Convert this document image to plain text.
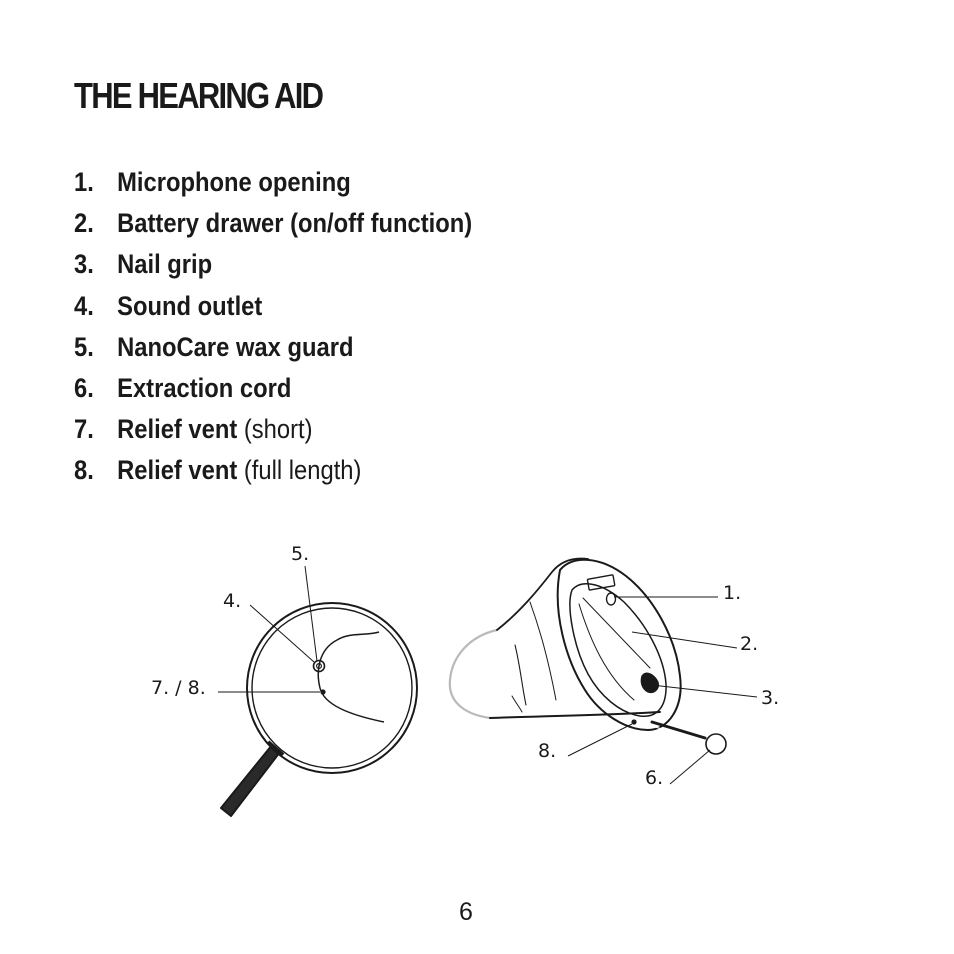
THE HEARING AID
1. Microphone opening
2. Battery drawer (on/off function)
3. Nail grip
4. Sound outlet
5. NanoCare wax guard
6. Extraction cord
7. Relief vent (short)
8. Relief vent (full length)
5.
4.
7. / 8.
1.
2.
3.
8.
6.
6
